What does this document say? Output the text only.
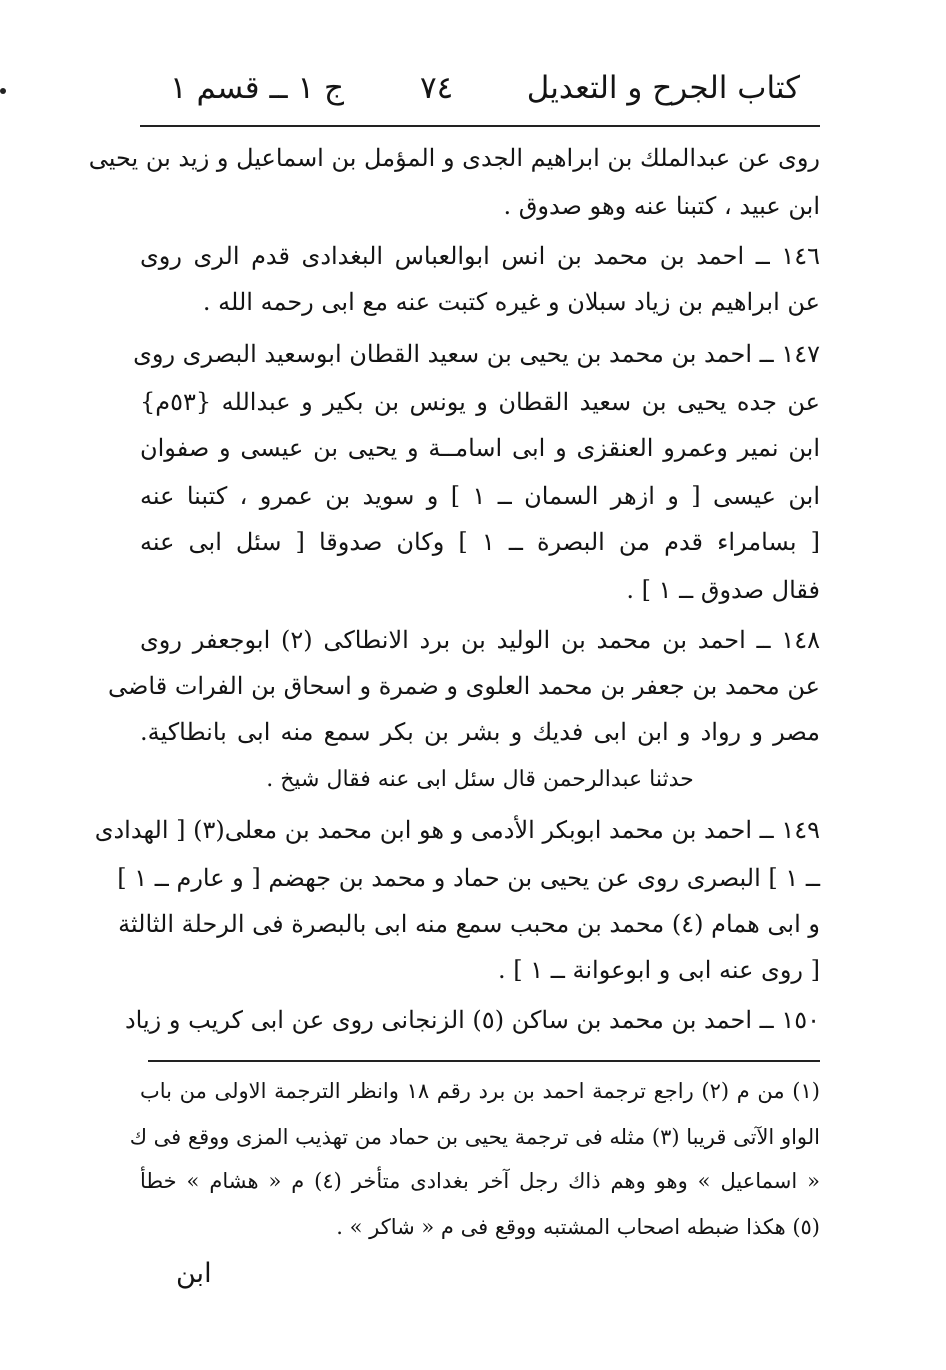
كتاب الجرح و التعديل
٧٤
ج ١ ــ قسم ١
روى عن عبدالملك بن ابراهيم الجدى و المؤمل بن اسماعيل و زيد بن يحيى
ابن عبيد ، كتبنا عنه وهو صدوق .
١٤٦ ــ احمد بن محمد بن انس ابوالعباس البغدادى قدم الرى روى
عن ابراهيم بن زياد سبلان و غيره كتبت عنه مع ابى رحمه الله .
١٤٧ ــ احمد بن محمد بن يحيى بن سعيد القطان ابوسعيد البصرى روى
عن جده يحيى بن سعيد القطان و يونس بن بكير و عبدالله {٥٣م}
ابن نمير وعمرو العنقزى و ابى اسامــة و يحيى بن عيسى و صفوان
ابن عيسى [ و ازهر السمان ــ ١ ] و سويد بن عمرو ، كتبنا عنه
[ بسامراء قدم من البصرة ــ ١ ] وكان صدوقا [ سئل ابى عنه
فقال صدوق ــ ١ ] .
١٤٨ ــ احمد بن محمد بن الوليد بن برد الانطاكى (٢) ابوجعفر روى
عن محمد بن جعفر بن محمد العلوى و ضمرة و اسحاق بن الفرات قاضى
مصر و رواد و ابن ابى فديك و بشر بن بكر سمع منه ابى بانطاكية.
حدثنا عبدالرحمن قال سئل ابى عنه فقال شيخ .
١٤٩ ــ احمد بن محمد ابوبكر الأدمى و هو ابن محمد بن معلى(٣) [ الهدادى
ــ ١ ] البصرى روى عن يحيى بن حماد و محمد بن جهضم [ و عارم ــ ١ ]
و ابى همام (٤) محمد بن محبب سمع منه ابى بالبصرة فى الرحلة الثالثة
[ روى عنه ابى و ابوعوانة ــ ١ ] .
١٥٠ ــ احمد بن محمد بن ساكن (٥) الزنجانى روى عن ابى كريب و زياد
(١) من م (٢) راجع ترجمة احمد بن برد رقم ١٨ وانظر الترجمة الاولى من باب
الواو الآتى قريبا (٣) مثله فى ترجمة يحيى بن حماد من تهذيب المزى ووقع فى ك
« اسماعيل » وهو وهم ذاك رجل آخر بغدادى متأخر (٤) م « هشام » خطأ
(٥) هكذا ضبطه اصحاب المشتبه ووقع فى م « شاكر » .
ابن
